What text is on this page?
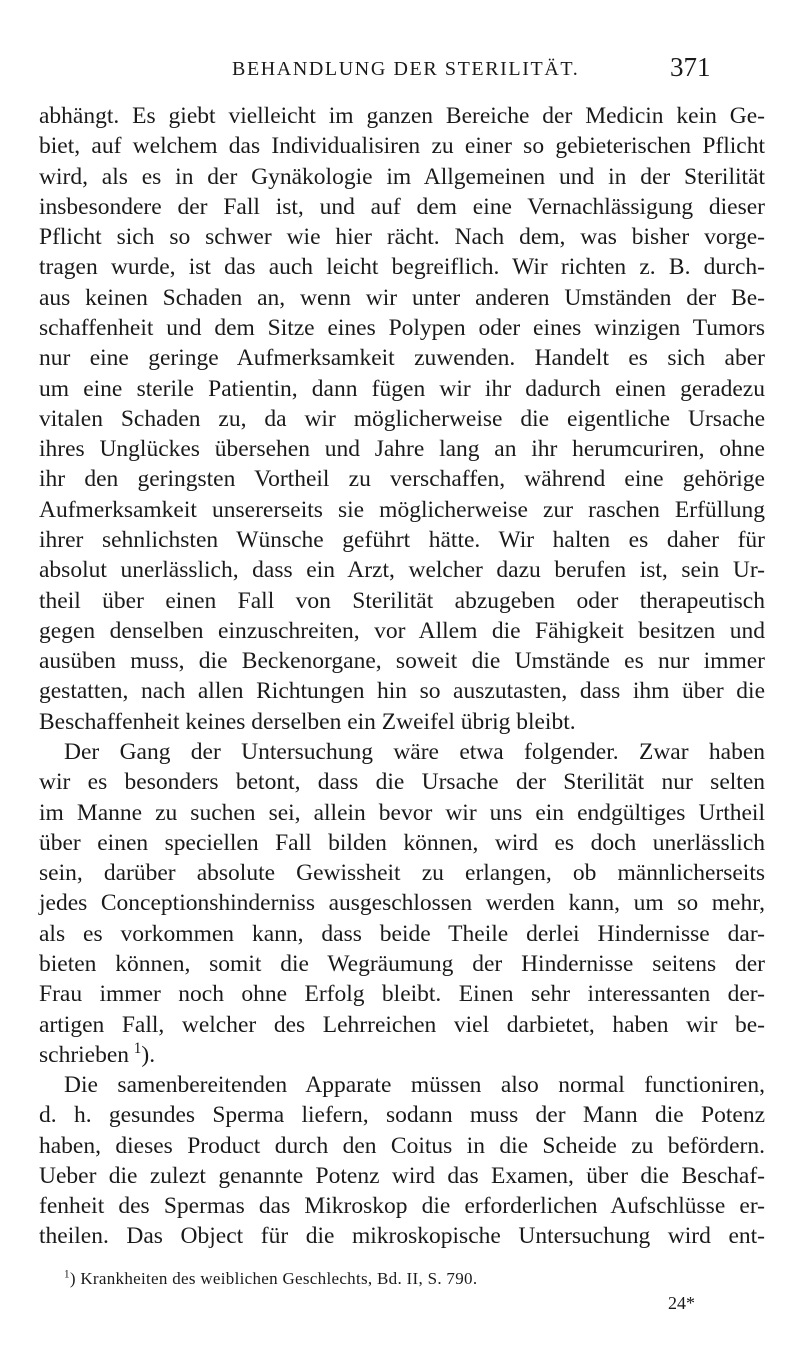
BEHANDLUNG DER STERILITÄT.	371
abhängt. Es giebt vielleicht im ganzen Bereiche der Medicin kein Ge-
biet, auf welchem das Individualisiren zu einer so gebieterischen Pflicht
wird, als es in der Gynäkologie im Allgemeinen und in der Sterilität
insbesondere der Fall ist, und auf dem eine Vernachlässigung dieser
Pflicht sich so schwer wie hier rächt. Nach dem, was bisher vorge-
tragen wurde, ist das auch leicht begreiflich. Wir richten z. B. durch-
aus keinen Schaden an, wenn wir unter anderen Umständen der Be-
schaffenheit und dem Sitze eines Polypen oder eines winzigen Tumors
nur eine geringe Aufmerksamkeit zuwenden. Handelt es sich aber
um eine sterile Patientin, dann fügen wir ihr dadurch einen geradezu
vitalen Schaden zu, da wir möglicherweise die eigentliche Ursache
ihres Unglückes übersehen und Jahre lang an ihr herumcuriren, ohne
ihr den geringsten Vortheil zu verschaffen, während eine gehörige
Aufmerksamkeit unsererseits sie möglicherweise zur raschen Erfüllung
ihrer sehnlichsten Wünsche geführt hätte. Wir halten es daher für
absolut unerlässlich, dass ein Arzt, welcher dazu berufen ist, sein Ur-
theil über einen Fall von Sterilität abzugeben oder therapeutisch
gegen denselben einzuschreiten, vor Allem die Fähigkeit besitzen und
ausüben muss, die Beckenorgane, soweit die Umstände es nur immer
gestatten, nach allen Richtungen hin so auszutasten, dass ihm über die
Beschaffenheit keines derselben ein Zweifel übrig bleibt.
Der Gang der Untersuchung wäre etwa folgender. Zwar haben
wir es besonders betont, dass die Ursache der Sterilität nur selten
im Manne zu suchen sei, allein bevor wir uns ein endgültiges Urtheil
über einen speciellen Fall bilden können, wird es doch unerlässlich
sein, darüber absolute Gewissheit zu erlangen, ob männlicherseits
jedes Conceptionshinderniss ausgeschlossen werden kann, um so mehr,
als es vorkommen kann, dass beide Theile derlei Hindernisse dar-
bieten können, somit die Wegräumung der Hindernisse seitens der
Frau immer noch ohne Erfolg bleibt. Einen sehr interessanten der-
artigen Fall, welcher des Lehrreichen viel darbietet, haben wir be-
schrieben  $^1$).
Die samenbereitenden Apparate müssen also normal functioniren,
d. h. gesundes Sperma liefern, sodann muss der Mann die Potenz
haben, dieses Product durch den Coitus in die Scheide zu befördern.
Ueber die zulezt genannte Potenz wird das Examen, über die Beschaf-
$^1$) Krankheiten des weiblichen Geschlechts, Bd. II, S. 790.
24*
fenheit des Spermas das Mikroskop die erforderlichen Aufschlüsse er-
theilen. Das Object für die mikroskopische Untersuchung wird ent-
